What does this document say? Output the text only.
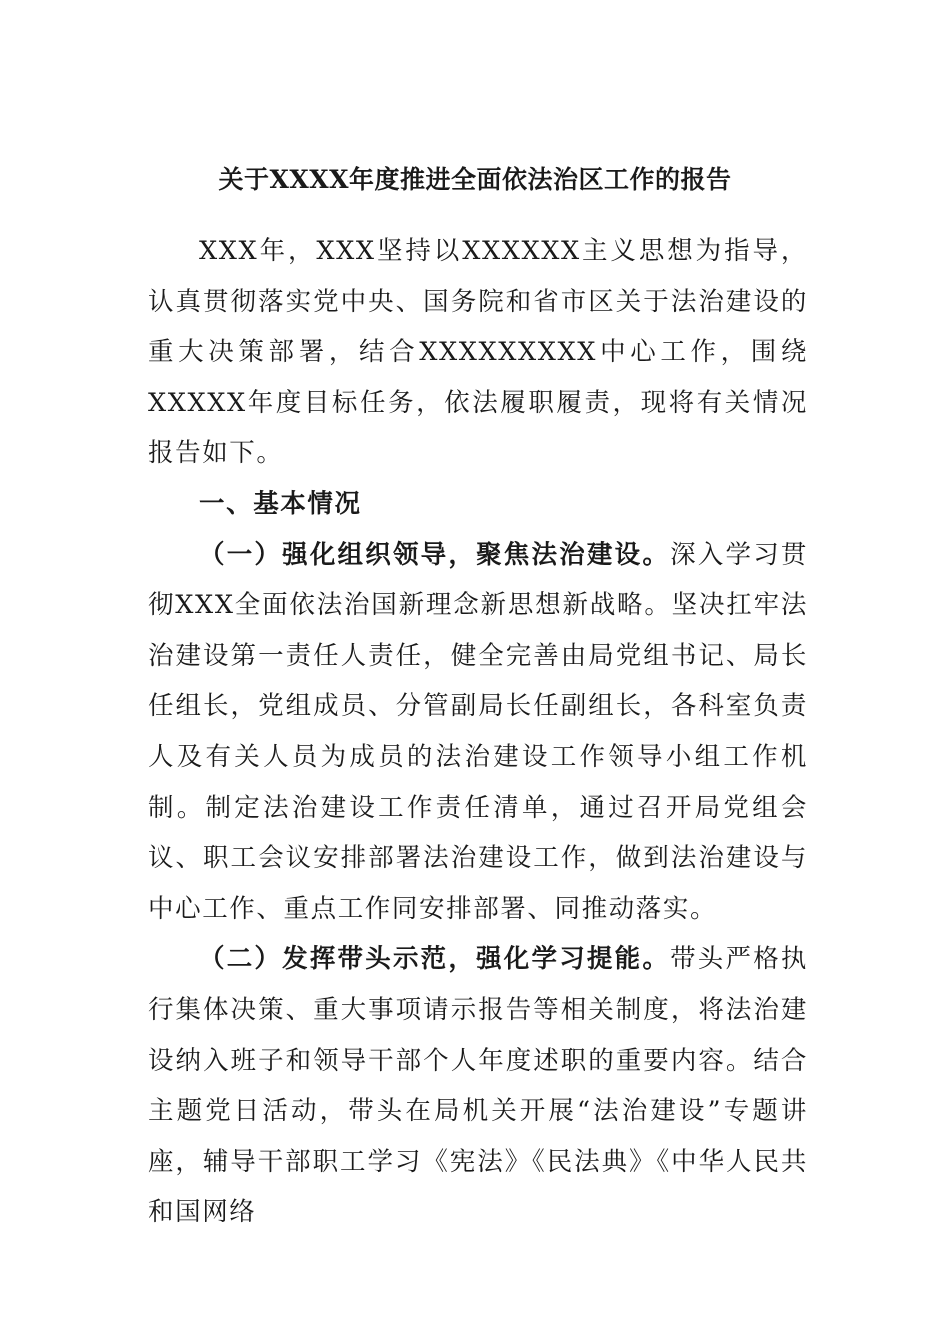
关于XXXX年度推进全面依法治区工作的报告

XXX年，XXX坚持以XXXXXX主义思想为指导，认真贯彻落实党中央、国务院和省市区关于法治建设的重大决策部署，结合XXXXXXXXX中心工作，围绕XXXXX年度目标任务，依法履职履责，现将有关情况报告如下。

一、基本情况

（一）强化组织领导，聚焦法治建设。深入学习贯彻XXX全面依法治国新理念新思想新战略。坚决扛牢法治建设第一责任人责任，健全完善由局党组书记、局长任组长，党组成员、分管副局长任副组长，各科室负责人及有关人员为成员的法治建设工作领导小组工作机制。制定法治建设工作责任清单，通过召开局党组会议、职工会议安排部署法治建设工作，做到法治建设与中心工作、重点工作同安排部署、同推动落实。

（二）发挥带头示范，强化学习提能。带头严格执行集体决策、重大事项请示报告等相关制度，将法治建设纳入班子和领导干部个人年度述职的重要内容。结合主题党日活动，带头在局机关开展“法治建设”专题讲座，辅导干部职工学习《宪法》《民法典》《中华人民共和国网络
